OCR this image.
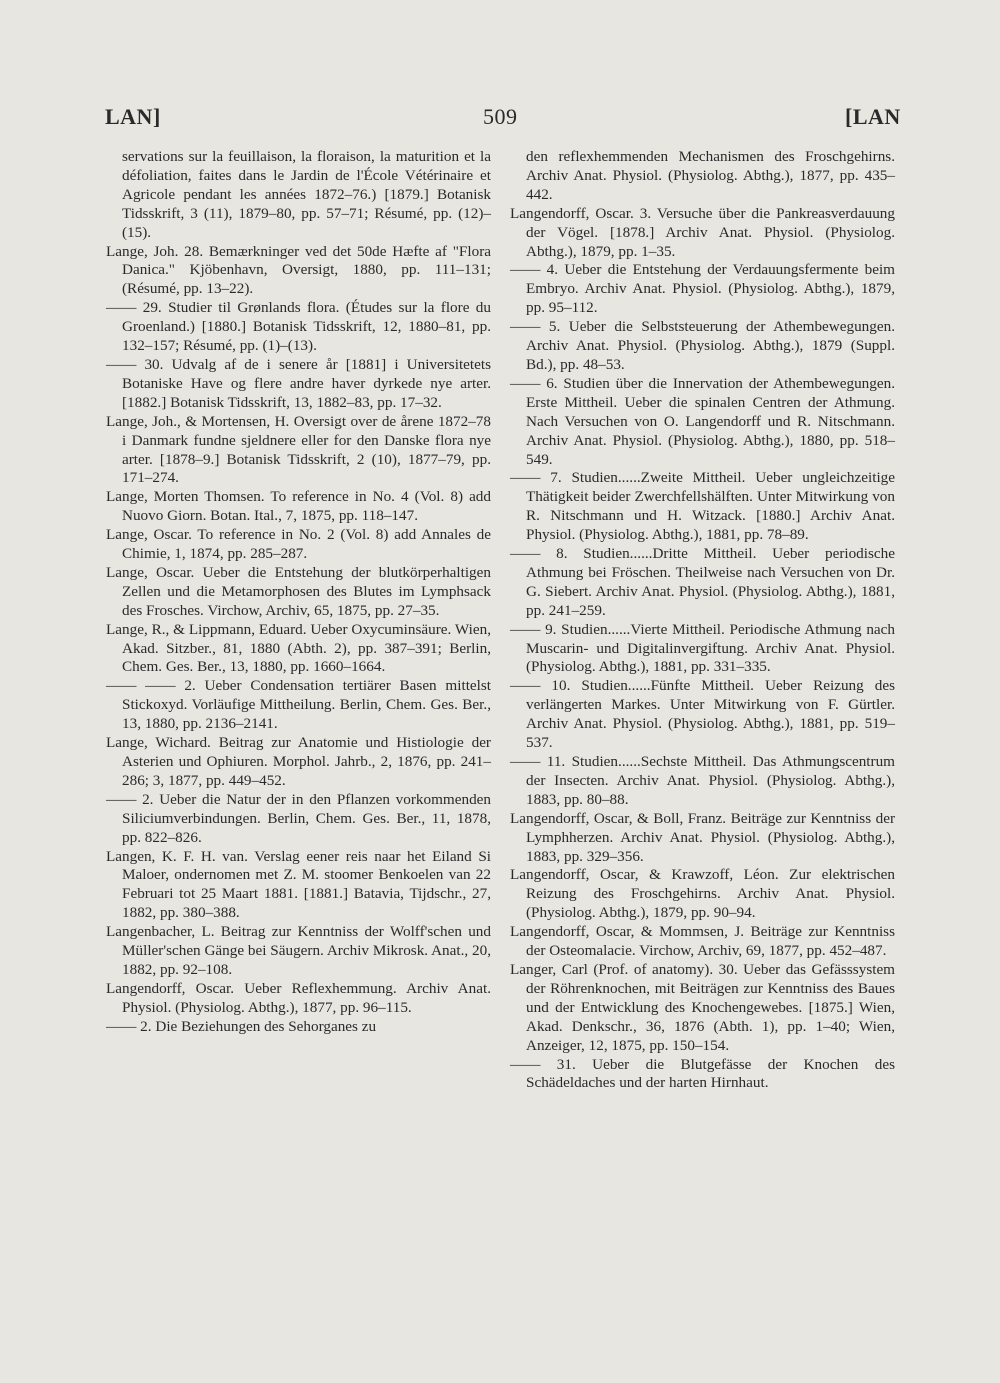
LAN]	509	[LAN

servations sur la feuillaison, la floraison, la maturition et la défoliation, faites dans le Jardin de l'École Vétérinaire et Agricole pendant les années 1872–76.) [1879.] Botanisk Tidsskrift, 3 (11), 1879–80, pp. 57–71; Résumé, pp. (12)–(15).

Lange, Joh. 28. Bemærkninger ved det 50de Hæfte af "Flora Danica." Kjöbenhavn, Oversigt, 1880, pp. 111–131; (Résumé, pp. 13–22).

—— 29. Studier til Grønlands flora. (Études sur la flore du Groenland.) [1880.] Botanisk Tidsskrift, 12, 1880–81, pp. 132–157; Résumé, pp. (1)–(13).

—— 30. Udvalg af de i senere år [1881] i Universitetets Botaniske Have og flere andre haver dyrkede nye arter. [1882.] Botanisk Tidsskrift, 13, 1882–83, pp. 17–32.

Lange, Joh., & Mortensen, H. Oversigt over de årene 1872–78 i Danmark fundne sjeldnere eller for den Danske flora nye arter. [1878–9.] Botanisk Tidsskrift, 2 (10), 1877–79, pp. 171–274.

Lange, Morten Thomsen. To reference in No. 4 (Vol. 8) add Nuovo Giorn. Botan. Ital., 7, 1875, pp. 118–147.

Lange, Oscar. To reference in No. 2 (Vol. 8) add Annales de Chimie, 1, 1874, pp. 285–287.

Lange, Oscar. Ueber die Entstehung der blutkörperhaltigen Zellen und die Metamorphosen des Blutes im Lymphsack des Frosches. Virchow, Archiv, 65, 1875, pp. 27–35.

Lange, R., & Lippmann, Eduard. Ueber Oxycuminsäure. Wien, Akad. Sitzber., 81, 1880 (Abth. 2), pp. 387–391; Berlin, Chem. Ges. Ber., 13, 1880, pp. 1660–1664.

—— —— 2. Ueber Condensation tertiärer Basen mittelst Stickoxyd. Vorläufige Mittheilung. Berlin, Chem. Ges. Ber., 13, 1880, pp. 2136–2141.

Lange, Wichard. Beitrag zur Anatomie und Histiologie der Asterien und Ophiuren. Morphol. Jahrb., 2, 1876, pp. 241–286; 3, 1877, pp. 449–452.

—— 2. Ueber die Natur der in den Pflanzen vorkommenden Siliciumverbindungen. Berlin, Chem. Ges. Ber., 11, 1878, pp. 822–826.

Langen, K. F. H. van. Verslag eener reis naar het Eiland Si Maloer, ondernomen met Z. M. stoomer Benkoelen van 22 Februari tot 25 Maart 1881. [1881.] Batavia, Tijdschr., 27, 1882, pp. 380–388.

Langenbacher, L. Beitrag zur Kenntniss der Wolff'schen und Müller'schen Gänge bei Säugern. Archiv Mikrosk. Anat., 20, 1882, pp. 92–108.

Langendorff, Oscar. Ueber Reflexhemmung. Archiv Anat. Physiol. (Physiolog. Abthg.), 1877, pp. 96–115.

—— 2. Die Beziehungen des Sehorganes zu

den reflexhemmenden Mechanismen des Froschgehirns. Archiv Anat. Physiol. (Physiolog. Abthg.), 1877, pp. 435–442.

Langendorff, Oscar. 3. Versuche über die Pankreasverdauung der Vögel. [1878.] Archiv Anat. Physiol. (Physiolog. Abthg.), 1879, pp. 1–35.

—— 4. Ueber die Entstehung der Verdauungsfermente beim Embryo. Archiv Anat. Physiol. (Physiolog. Abthg.), 1879, pp. 95–112.

—— 5. Ueber die Selbststeuerung der Athembewegungen. Archiv Anat. Physiol. (Physiolog. Abthg.), 1879 (Suppl. Bd.), pp. 48–53.

—— 6. Studien über die Innervation der Athembewegungen. Erste Mittheil. Ueber die spinalen Centren der Athmung. Nach Versuchen von O. Langendorff und R. Nitschmann. Archiv Anat. Physiol. (Physiolog. Abthg.), 1880, pp. 518–549.

—— 7. Studien......Zweite Mittheil. Ueber ungleichzeitige Thätigkeit beider Zwerchfellshälften. Unter Mitwirkung von R. Nitschmann und H. Witzack. [1880.] Archiv Anat. Physiol. (Physiolog. Abthg.), 1881, pp. 78–89.

—— 8. Studien......Dritte Mittheil. Ueber periodische Athmung bei Fröschen. Theilweise nach Versuchen von Dr. G. Siebert. Archiv Anat. Physiol. (Physiolog. Abthg.), 1881, pp. 241–259.

—— 9. Studien......Vierte Mittheil. Periodische Athmung nach Muscarin- und Digitalinvergiftung. Archiv Anat. Physiol. (Physiolog. Abthg.), 1881, pp. 331–335.

—— 10. Studien......Fünfte Mittheil. Ueber Reizung des verlängerten Markes. Unter Mitwirkung von F. Gürtler. Archiv Anat. Physiol. (Physiolog. Abthg.), 1881, pp. 519–537.

—— 11. Studien......Sechste Mittheil. Das Athmungscentrum der Insecten. Archiv Anat. Physiol. (Physiolog. Abthg.), 1883, pp. 80–88.

Langendorff, Oscar, & Boll, Franz. Beiträge zur Kenntniss der Lymphherzen. Archiv Anat. Physiol. (Physiolog. Abthg.), 1883, pp. 329–356.

Langendorff, Oscar, & Krawzoff, Léon. Zur elektrischen Reizung des Froschgehirns. Archiv Anat. Physiol. (Physiolog. Abthg.), 1879, pp. 90–94.

Langendorff, Oscar, & Mommsen, J. Beiträge zur Kenntniss der Osteomalacie. Virchow, Archiv, 69, 1877, pp. 452–487.

Langer, Carl (Prof. of anatomy). 30. Ueber das Gefässsystem der Röhrenknochen, mit Beiträgen zur Kenntniss des Baues und der Entwicklung des Knochengewebes. [1875.] Wien, Akad. Denkschr., 36, 1876 (Abth. 1), pp. 1–40; Wien, Anzeiger, 12, 1875, pp. 150–154.

—— 31. Ueber die Blutgefässe der Knochen des Schädeldaches und der harten Hirnhaut.
